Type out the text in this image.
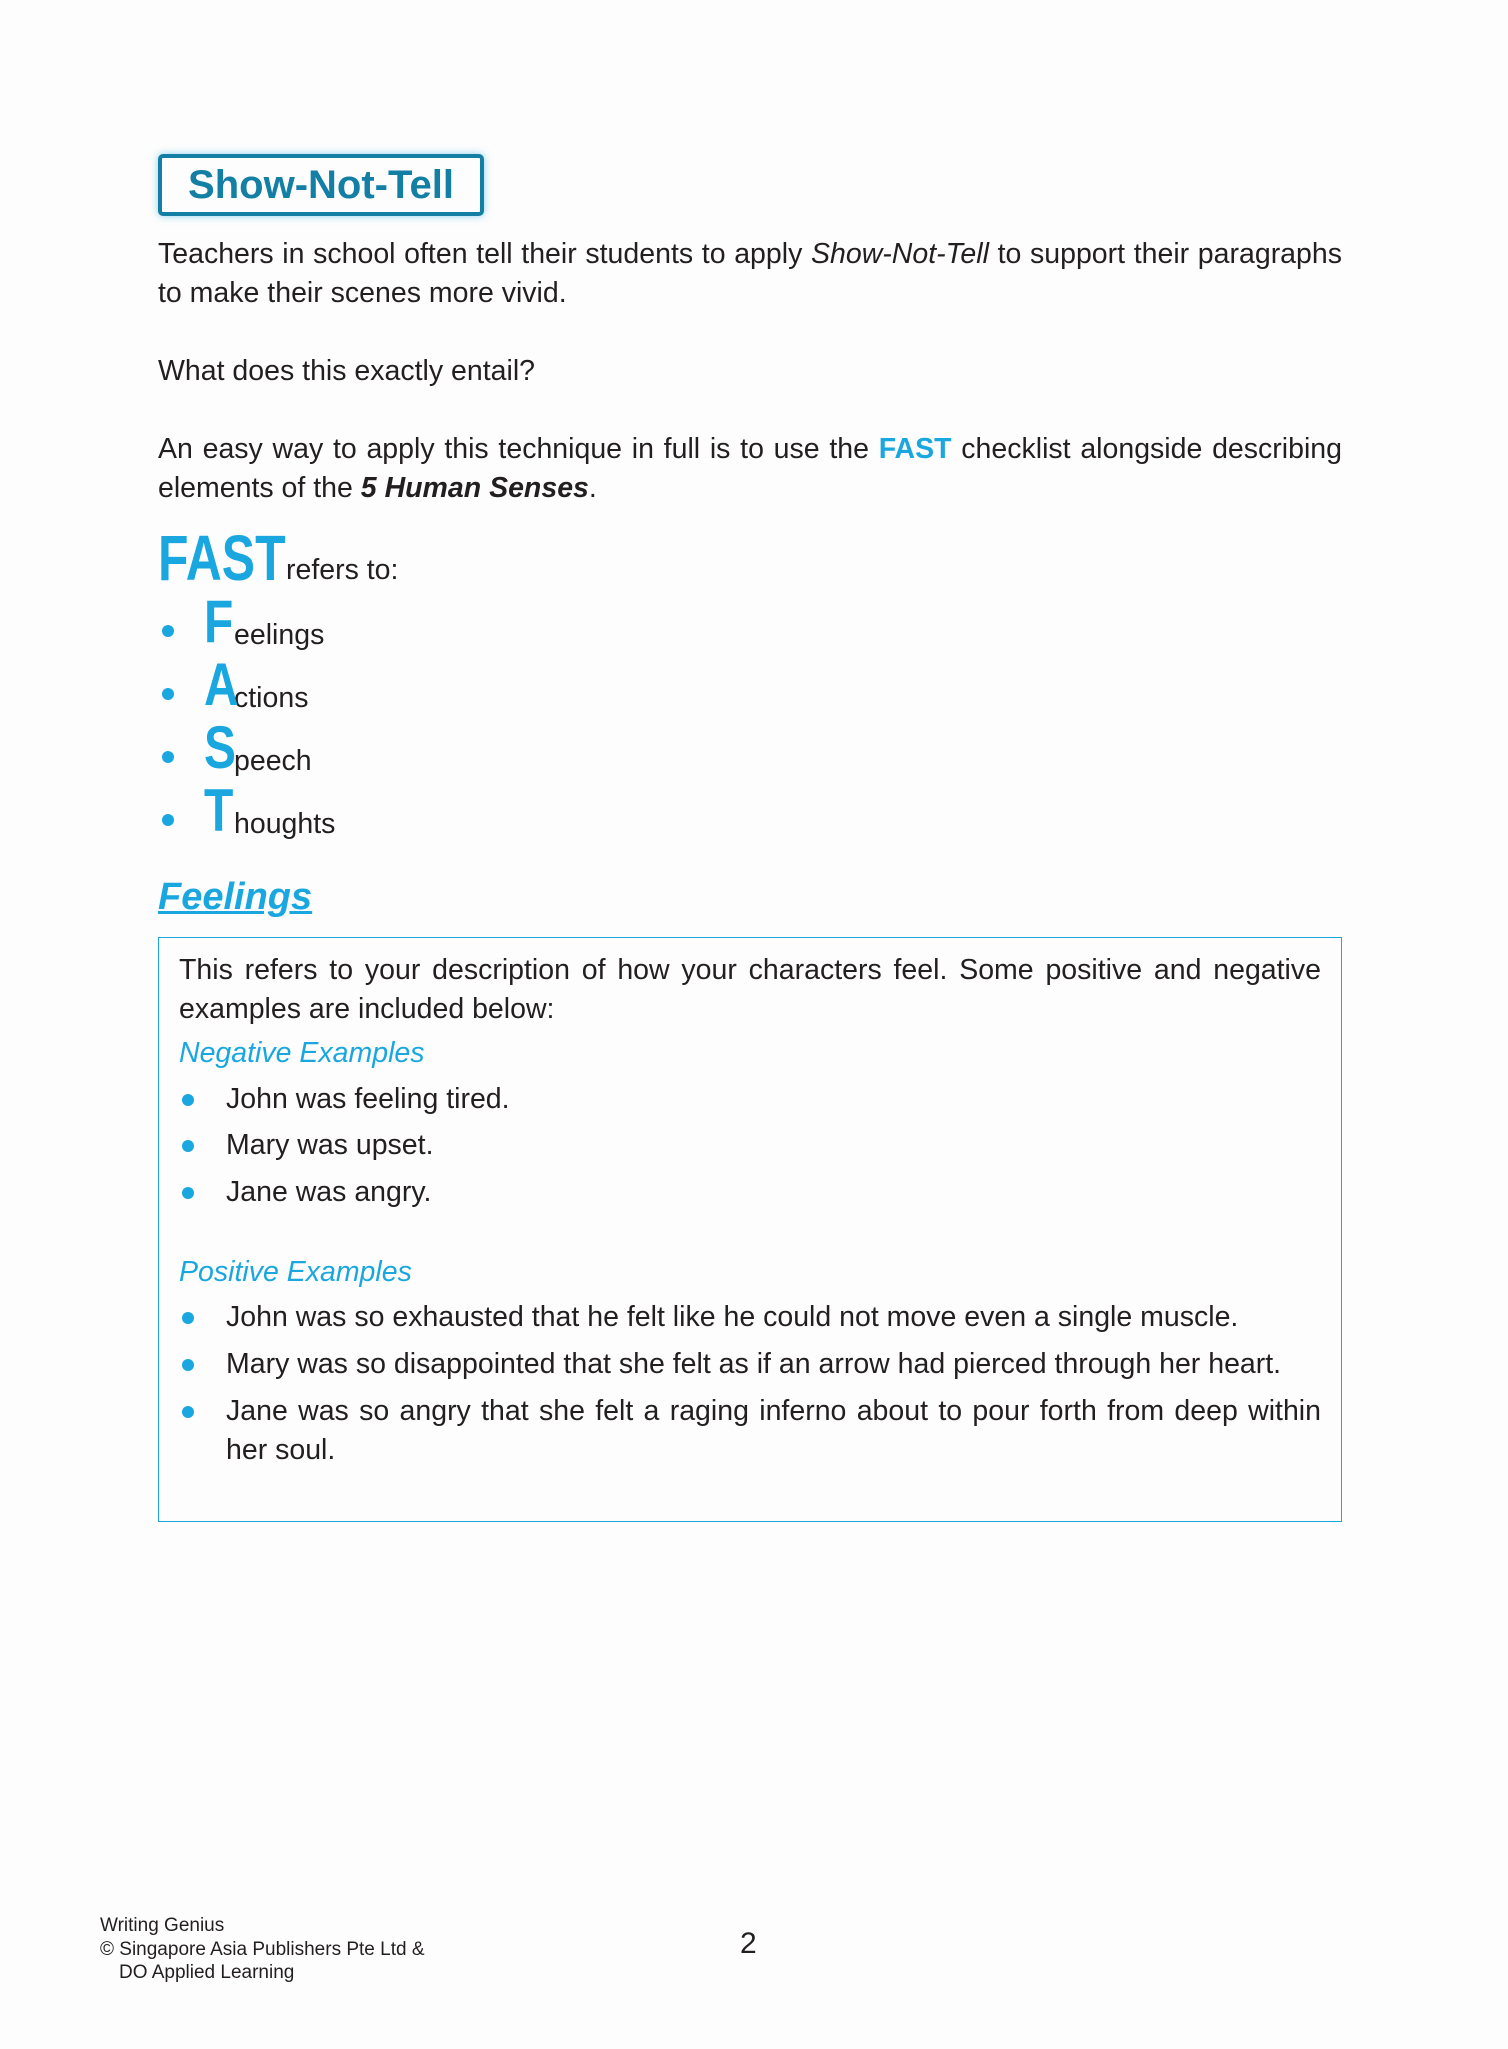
Show-Not-Tell
Teachers in school often tell their students to apply Show-Not-Tell to support their paragraphs to make their scenes more vivid.
What does this exactly entail?
An easy way to apply this technique in full is to use the FAST checklist alongside describing elements of the 5 Human Senses.
FAST refers to:
F eelings
A
ctions
S
peech
T houghts
Feelings
This refers to your description of how your characters feel. Some positive and negative examples are included below:
Negative Examples
John was feeling tired.
Mary was upset.
Jane was angry.
Positive Examples
John was so exhausted that he felt like he could not move even a single muscle.
Mary was so disappointed that she felt as if an arrow had pierced through her heart.
Jane was so angry that she felt a raging inferno about to pour forth from deep within her soul.
Writing Genius
© Singapore Asia Publishers Pte Ltd &
DO Applied Learning
2
